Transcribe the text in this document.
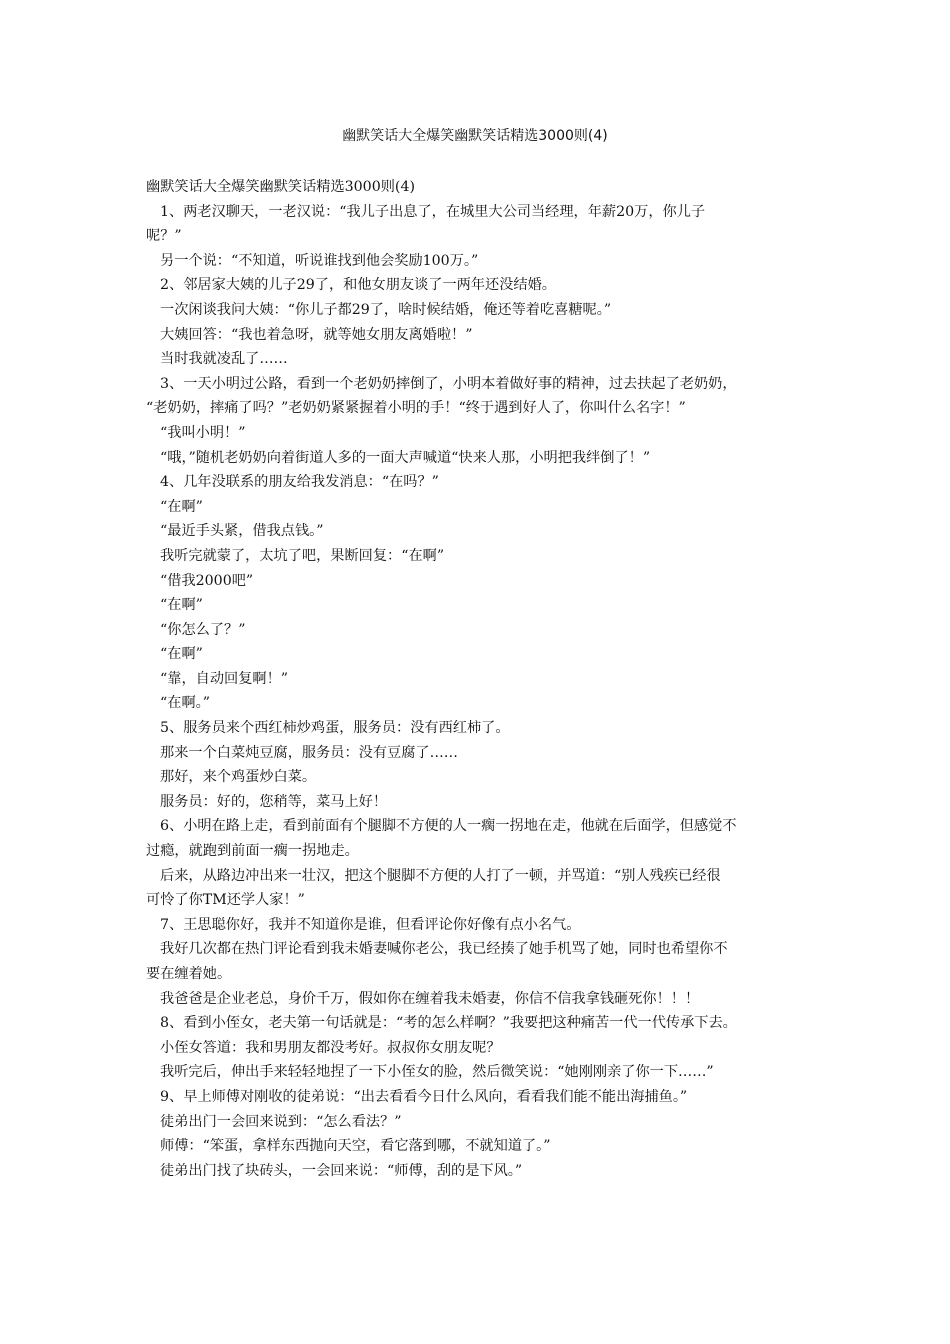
幽默笑话大全爆笑幽默笑话精选3000则(4)
幽默笑话大全爆笑幽默笑话精选3000则(4)
1、两老汉聊天，一老汉说：“我儿子出息了，在城里大公司当经理，年薪20万，你儿子
呢？”
另一个说：“不知道，听说谁找到他会奖励100万。”
2、邻居家大姨的儿子29了，和他女朋友谈了一两年还没结婚。
一次闲谈我问大姨：“你儿子都29了，啥时候结婚，俺还等着吃喜糖呢。”
大姨回答：“我也着急呀，就等她女朋友离婚啦！”
当时我就凌乱了……
3、一天小明过公路，看到一个老奶奶摔倒了，小明本着做好事的精神，过去扶起了老奶奶，
“老奶奶，摔痛了吗？”老奶奶紧紧握着小明的手！“终于遇到好人了，你叫什么名字！”
“我叫小明！”
“哦，”随机老奶奶向着街道人多的一面大声喊道“快来人那，小明把我绊倒了！”
4、几年没联系的朋友给我发消息：“在吗？”
“在啊”
“最近手头紧，借我点钱。”
我听完就蒙了，太坑了吧，果断回复：“在啊”
“借我2000吧”
“在啊”
“你怎么了？”
“在啊”
“靠，自动回复啊！”
“在啊。”
5、服务员来个西红柿炒鸡蛋，服务员：没有西红柿了。
那来一个白菜炖豆腐，服务员：没有豆腐了……
那好，来个鸡蛋炒白菜。
服务员：好的，您稍等，菜马上好！
6、小明在路上走，看到前面有个腿脚不方便的人一瘸一拐地在走，他就在后面学，但感觉不
过瘾，就跑到前面一瘸一拐地走。
后来，从路边冲出来一壮汉，把这个腿脚不方便的人打了一顿，并骂道：“别人残疾已经很
可怜了你TM还学人家！”
7、王思聪你好，我并不知道你是谁，但看评论你好像有点小名气。
我好几次都在热门评论看到我未婚妻喊你老公，我已经揍了她手机骂了她，同时也希望你不
要在缠着她。
我爸爸是企业老总，身价千万，假如你在缠着我未婚妻，你信不信我拿钱砸死你！！！
8、看到小侄女，老夫第一句话就是：“考的怎么样啊？”我要把这种痛苦一代一代传承下去。
小侄女答道：我和男朋友都没考好。叔叔你女朋友呢？
我听完后，伸出手来轻轻地捏了一下小侄女的脸，然后微笑说：“她刚刚亲了你一下……”
9、早上师傅对刚收的徒弟说：“出去看看今日什么风向，看看我们能不能出海捕鱼。”
徒弟出门一会回来说到：“怎么看法？”
师傅：“笨蛋，拿样东西抛向天空，看它落到哪，不就知道了。”
徒弟出门找了块砖头，一会回来说：“师傅，刮的是下风。”
